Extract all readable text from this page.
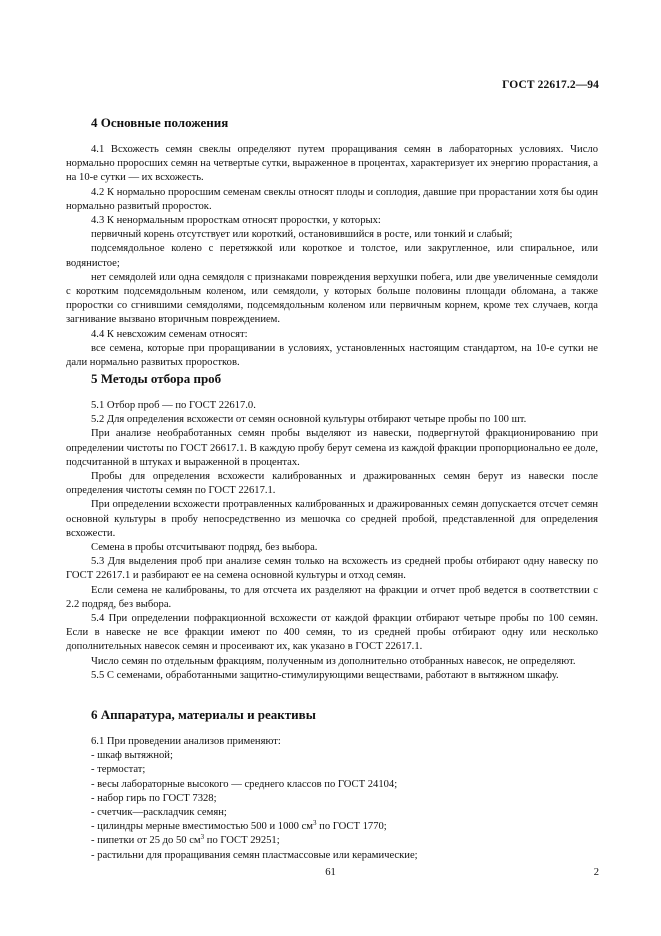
ГОСТ 22617.2—94
4 Основные положения

4.1 Всхожесть семян свеклы определяют путем проращивания семян в лабораторных условиях. Число нормально проросших семян на четвертые сутки, выраженное в процентах, характеризует их энергию прорастания, а на 10-е сутки — их всхожесть.

4.2 К нормально проросшим семенам свеклы относят плоды и соплодия, давшие при прорастании хотя бы один нормально развитый проросток.

4.3 К ненормальным проросткам относят проростки, у которых:

первичный корень отсутствует или короткий, остановившийся в росте, или тонкий и слабый;

подсемядольное колено с перетяжкой или короткое и толстое, или закругленное, или спиральное, или водянистое;

нет семядолей или одна семядоля с признаками повреждения верхушки побега, или две увеличенные семядоли с коротким подсемядольным коленом, или семядоли, у которых больше половины площади обломана, а также проростки со сгнившими семядолями, подсемядольным коленом или первичным корнем, кроме тех случаев, когда загнивание вызвано вторичным повреждением.

4.4 К невсхожим семенам относят:

все семена, которые при проращивании в условиях, установленных настоящим стандартом, на 10-е сутки не дали нормально развитых проростков.

5 Методы отбора проб

5.1 Отбор проб — по ГОСТ 22617.0.

5.2 Для определения всхожести от семян основной культуры отбирают четыре пробы по 100 шт.

При анализе необработанных семян пробы выделяют из навески, подвергнутой фракционированию при определении чистоты по ГОСТ 26617.1. В каждую пробу берут семена из каждой фракции пропорционально ее доле, подсчитанной в штуках и выраженной в процентах.

Пробы для определения всхожести калиброванных и дражированных семян берут из навески после определения чистоты семян по ГОСТ 22617.1.

При определении всхожести протравленных калиброванных и дражированных семян допускается отсчет семян основной культуры в пробу непосредственно из мешочка со средней пробой, представленной для определения всхожести.

Семена в пробы отсчитывают подряд, без выбора.

5.3 Для выделения проб при анализе семян только на всхожесть из средней пробы отбирают одну навеску по ГОСТ 22617.1 и разбирают ее на семена основной культуры и отход семян.

Если семена не калиброваны, то для отсчета их разделяют на фракции и отчет проб ведется в соответствии с 2.2 подряд, без выбора.

5.4 При определении пофракционной всхожести от каждой фракции отбирают четыре пробы по 100 семян. Если в навеске не все фракции имеют по 400 семян, то из средней пробы отбирают одну или несколько дополнительных навесок семян и просеивают их, как указано в ГОСТ 22617.1.

Число семян по отдельным фракциям, полученным из дополнительно отобранных навесок, не определяют.

5.5 С семенами, обработанными защитно-стимулирующими веществами, работают в вытяжном шкафу.

6 Аппаратура, материалы и реактивы

6.1 При проведении анализов применяют:

- шкаф вытяжной;

- термостат;

- весы лабораторные высокого — среднего классов по ГОСТ 24104;

- набор гирь по ГОСТ 7328;

- счетчик—раскладчик семян;

- цилиндры мерные вместимостью 500 и 1000 $см^3$ по ГОСТ 1770;

- пипетки от 25 до 50 $см^3$ по ГОСТ 29251;

- растильни для проращивания семян пластмассовые или керамические;

61	2
